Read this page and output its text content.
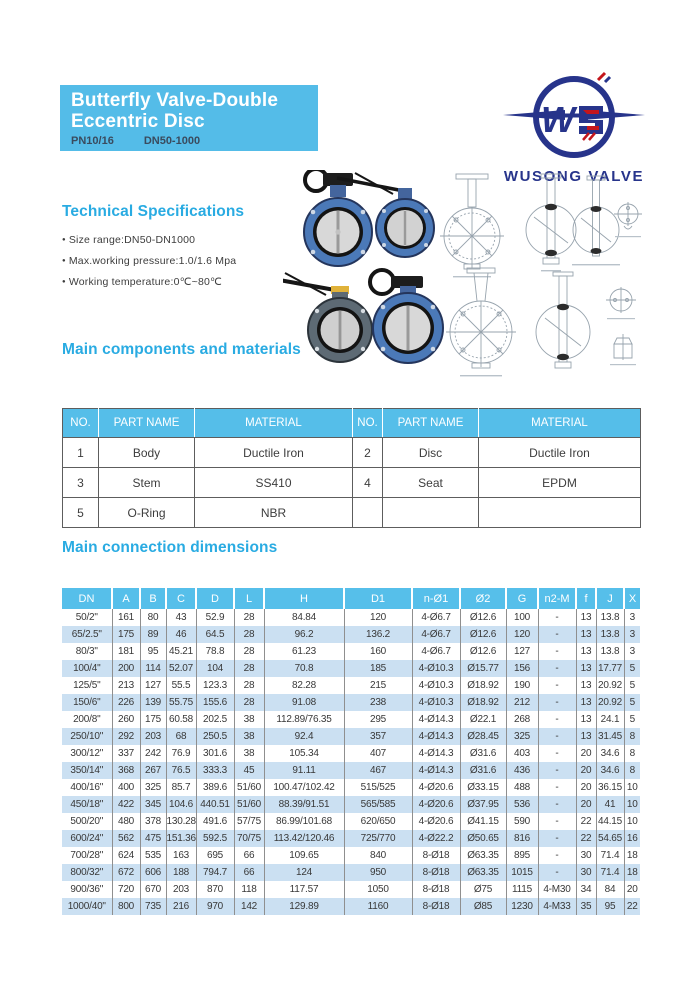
Butterfly Valve-Double
Eccentric Disc
PN10/16	DN50-1000
W
WUSONG VALVE
Technical Specifications
Main components and materials
Main connection dimensions
● Size range:DN50-DN1000
● Max.working pressure:1.0/1.6 Mpa
● Working temperature:0℃~80℃
NO.	PART NAME	MATERIAL	NO.	PART NAME	MATERIAL
1	Body	Ductile Iron	2	Disc	Ductile Iron
3	Stem	SS410	4	Seat	EPDM
5	O-Ring	NBR			
DN	A	B	C	D	L	H	D1	n-Ø1	Ø2	G	n2-M	f	J	X
50/2"	161	80	43	52.9	28	84.84	120	4-Ø6.7	Ø12.6	100	-	13	13.8	3
65/2.5"	175	89	46	64.5	28	96.2	136.2	4-Ø6.7	Ø12.6	120	-	13	13.8	3
80/3"	181	95	45.21	78.8	28	61.23	160	4-Ø6.7	Ø12.6	127	-	13	13.8	3
100/4"	200	114	52.07	104	28	70.8	185	4-Ø10.3	Ø15.77	156	-	13	17.77	5
125/5"	213	127	55.5	123.3	28	82.28	215	4-Ø10.3	Ø18.92	190	-	13	20.92	5
150/6"	226	139	55.75	155.6	28	91.08	238	4-Ø10.3	Ø18.92	212	-	13	20.92	5
200/8"	260	175	60.58	202.5	38	112.89/76.35	295	4-Ø14.3	Ø22.1	268	-	13	24.1	5
250/10"	292	203	68	250.5	38	92.4	357	4-Ø14.3	Ø28.45	325	-	13	31.45	8
300/12"	337	242	76.9	301.6	38	105.34	407	4-Ø14.3	Ø31.6	403	-	20	34.6	8
350/14"	368	267	76.5	333.3	45	91.11	467	4-Ø14.3	Ø31.6	436	-	20	34.6	8
400/16"	400	325	85.7	389.6	51/60	100.47/102.42	515/525	4-Ø20.6	Ø33.15	488	-	20	36.15	10
450/18"	422	345	104.6	440.51	51/60	88.39/91.51	565/585	4-Ø20.6	Ø37.95	536	-	20	41	10
500/20"	480	378	130.28	491.6	57/75	86.99/101.68	620/650	4-Ø20.6	Ø41.15	590	-	22	44.15	10
600/24"	562	475	151.36	592.5	70/75	113.42/120.46	725/770	4-Ø22.2	Ø50.65	816	-	22	54.65	16
700/28"	624	535	163	695	66	109.65	840	8-Ø18	Ø63.35	895	-	30	71.4	18
800/32"	672	606	188	794.7	66	124	950	8-Ø18	Ø63.35	1015	-	30	71.4	18
900/36"	720	670	203	870	118	117.57	1050	8-Ø18	Ø75	1115	4-M30	34	84	20
1000/40"	800	735	216	970	142	129.89	1160	8-Ø18	Ø85	1230	4-M33	35	95	22
